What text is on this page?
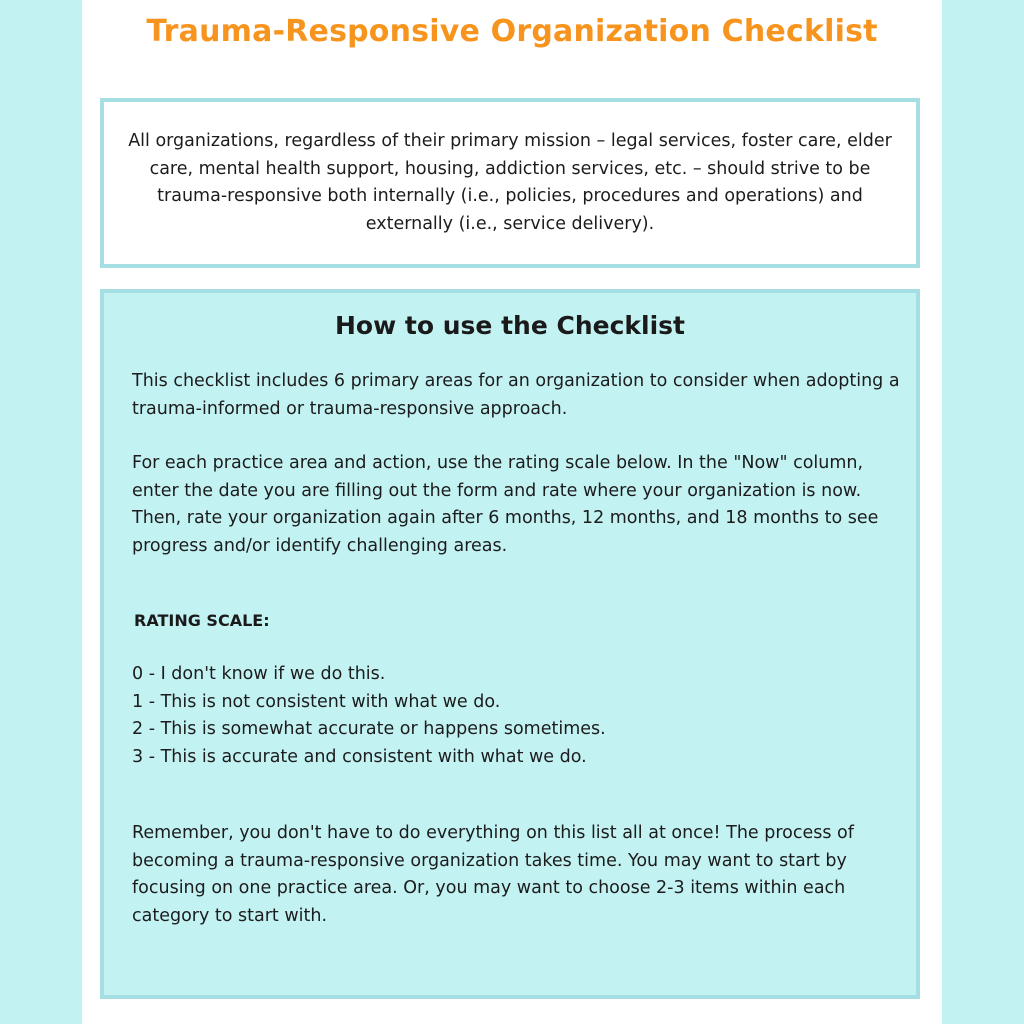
Trauma-Responsive Organization Checklist

All organizations, regardless of their primary mission – legal services, foster care, elder care, mental health support, housing, addiction services, etc. – should strive to be trauma-responsive both internally (i.e., policies, procedures and operations) and externally (i.e., service delivery).

How to use the Checklist

This checklist includes 6 primary areas for an organization to consider when adopting a trauma-informed or trauma-responsive approach.

For each practice area and action, use the rating scale below. In the "Now" column, enter the date you are filling out the form and rate where your organization is now. Then, rate your organization again after 6 months, 12 months, and 18 months to see progress and/or identify challenging areas.

RATING SCALE:

0 - I don't know if we do this.
1 - This is not consistent with what we do.
2 - This is somewhat accurate or happens sometimes.
3 - This is accurate and consistent with what we do.

Remember, you don't have to do everything on this list all at once! The process of becoming a trauma-responsive organization takes time. You may want to start by focusing on one practice area. Or, you may want to choose 2-3 items within each category to start with.
